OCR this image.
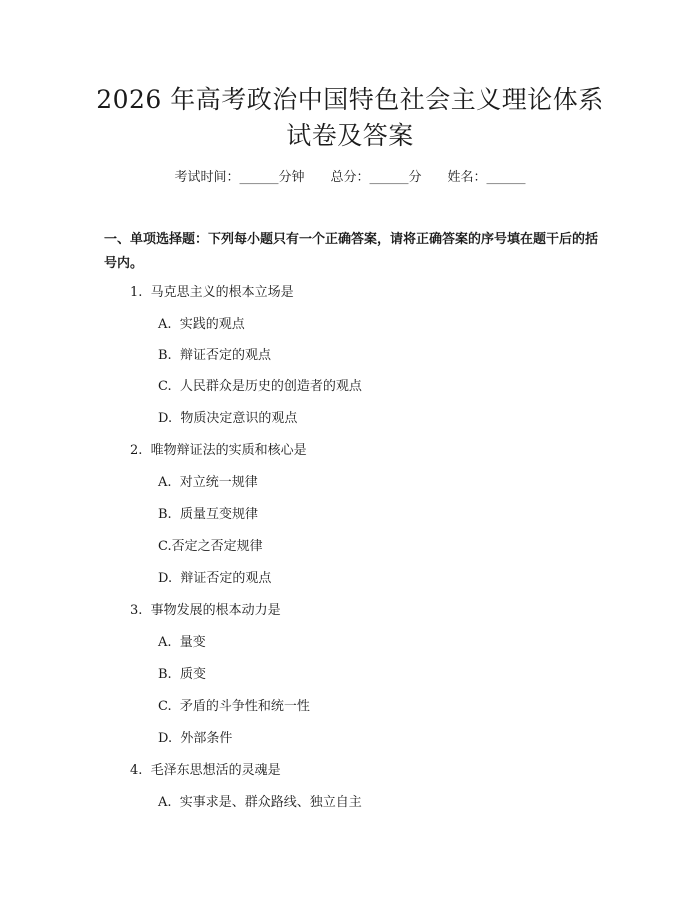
2026 年高考政治中国特色社会主义理论体系
试卷及答案
考试时间：______分钟 总分：______分 姓名：______

一、单项选择题：下列每小题只有一个正确答案，请将正确答案的序号填在题干后的括号内。

1.  马克思主义的根本立场是
A.  实践的观点
B.  辩证否定的观点
C.  人民群众是历史的创造者的观点
D.  物质决定意识的观点
2.  唯物辩证法的实质和核心是
A.  对立统一规律
B.  质量互变规律
C.否定之否定规律
D.  辩证否定的观点
3.  事物发展的根本动力是
A.  量变
B.  质变
C.  矛盾的斗争性和统一性
D.  外部条件
4.  毛泽东思想活的灵魂是
A.  实事求是、群众路线、独立自主
